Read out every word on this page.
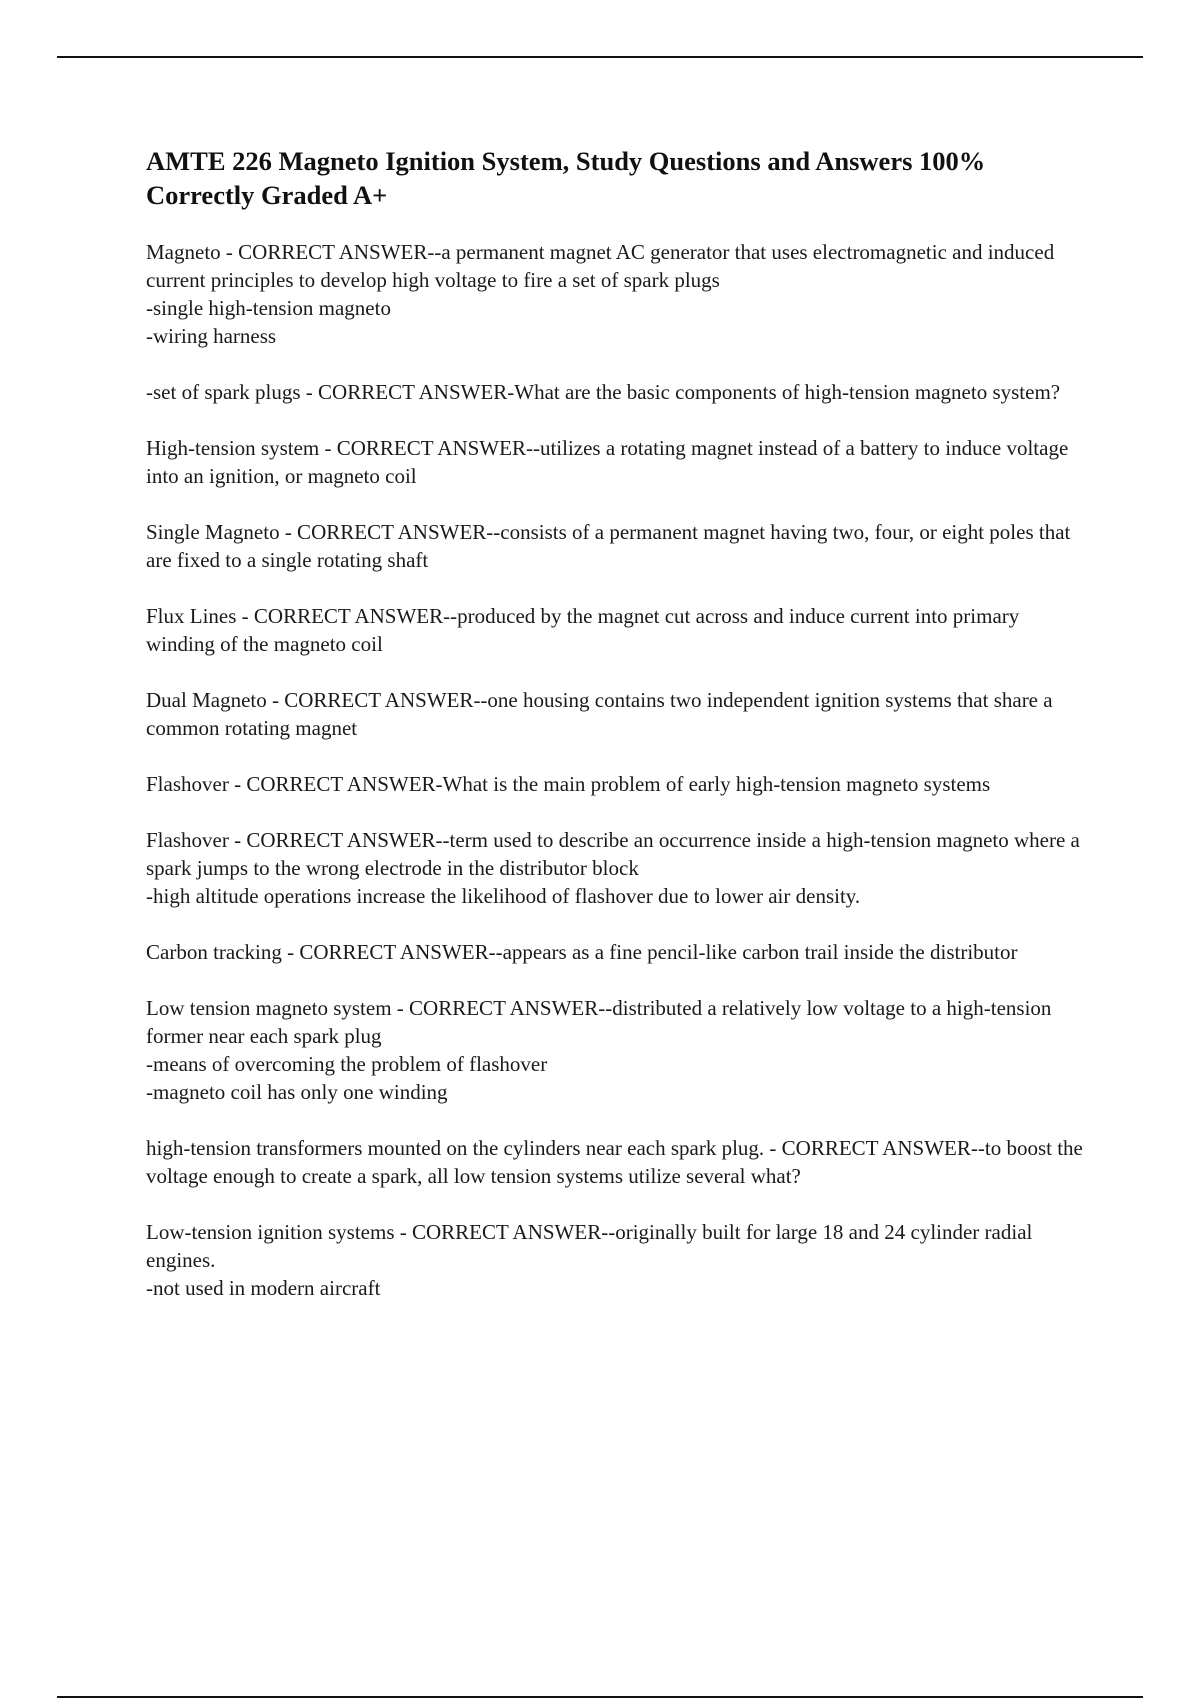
AMTE 226 Magneto Ignition System, Study Questions and Answers 100% Correctly Graded A+

Magneto - CORRECT ANSWER--a permanent magnet AC generator that uses electromagnetic and induced current principles to develop high voltage to fire a set of spark plugs
-single high-tension magneto
-wiring harness

-set of spark plugs - CORRECT ANSWER-What are the basic components of high-tension magneto system?

High-tension system - CORRECT ANSWER--utilizes a rotating magnet instead of a battery to induce voltage into an ignition, or magneto coil

Single Magneto - CORRECT ANSWER--consists of a permanent magnet having two, four, or eight poles that are fixed to a single rotating shaft

Flux Lines - CORRECT ANSWER--produced by the magnet cut across and induce current into primary winding of the magneto coil

Dual Magneto - CORRECT ANSWER--one housing contains two independent ignition systems that share a common rotating magnet

Flashover - CORRECT ANSWER-What is the main problem of early high-tension magneto systems

Flashover - CORRECT ANSWER--term used to describe an occurrence inside a high-tension magneto where a spark jumps to the wrong electrode in the distributor block
-high altitude operations increase the likelihood of flashover due to lower air density.

Carbon tracking - CORRECT ANSWER--appears as a fine pencil-like carbon trail inside the distributor

Low tension magneto system - CORRECT ANSWER--distributed a relatively low voltage to a high-tension former near each spark plug
-means of overcoming the problem of flashover
-magneto coil has only one winding

high-tension transformers mounted on the cylinders near each spark plug. - CORRECT ANSWER--to boost the voltage enough to create a spark, all low tension systems utilize several what?

Low-tension ignition systems - CORRECT ANSWER--originally built for large 18 and 24 cylinder radial engines.
-not used in modern aircraft
